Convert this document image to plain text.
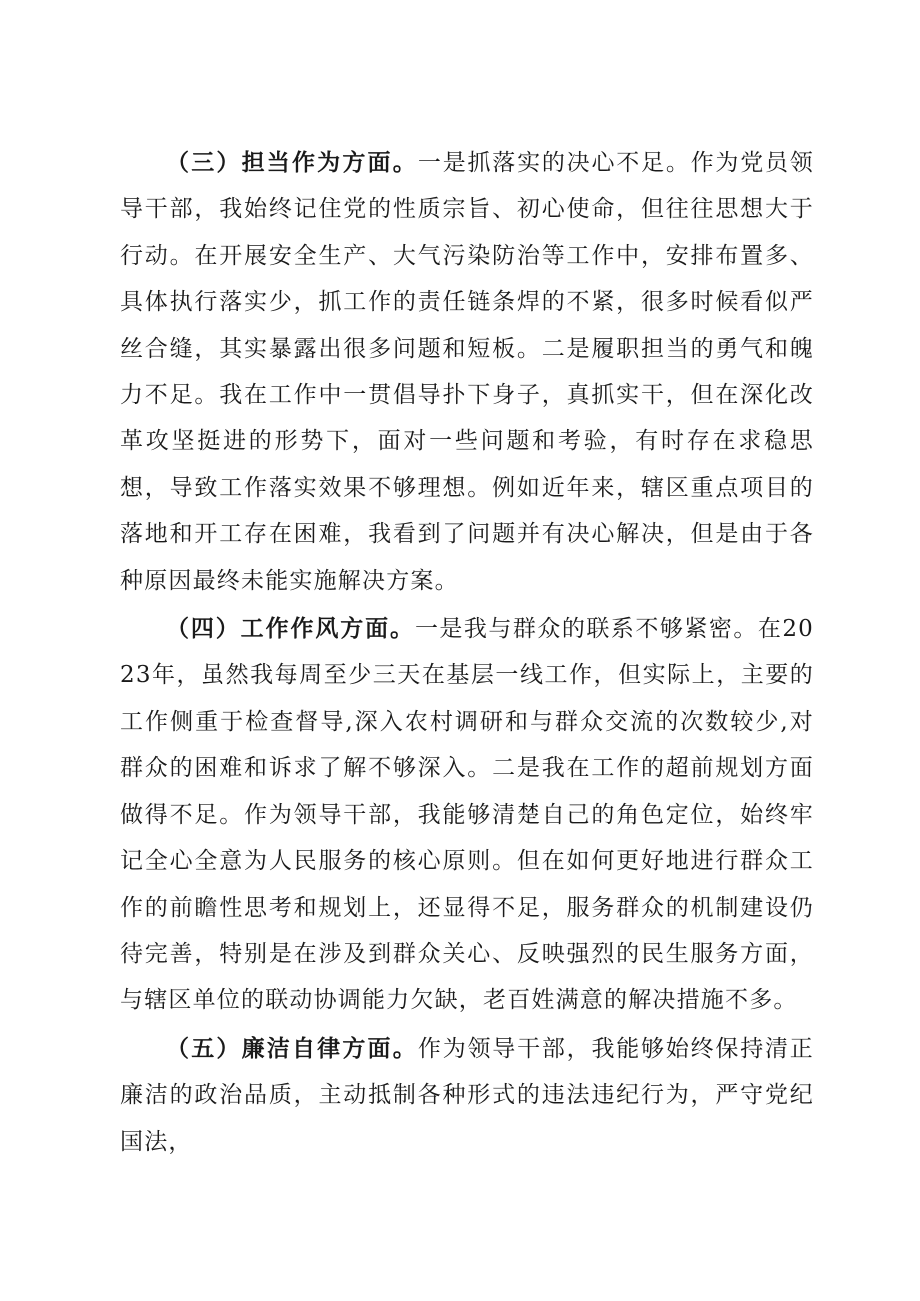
（三）担当作为方面。一是抓落实的决心不足。作为党员领导干部，我始终记住党的性质宗旨、初心使命，但往往思想大于行动。在开展安全生产、大气污染防治等工作中，安排布置多、具体执行落实少，抓工作的责任链条焊的不紧，很多时候看似严丝合缝，其实暴露出很多问题和短板。二是履职担当的勇气和魄力不足。我在工作中一贯倡导扑下身子，真抓实干，但在深化改革攻坚挺进的形势下，面对一些问题和考验，有时存在求稳思想，导致工作落实效果不够理想。例如近年来，辖区重点项目的落地和开工存在困难，我看到了问题并有决心解决，但是由于各种原因最终未能实施解决方案。

（四）工作作风方面。一是我与群众的联系不够紧密。在2023年，虽然我每周至少三天在基层一线工作，但实际上，主要的工作侧重于检查督导,深入农村调研和与群众交流的次数较少,对群众的困难和诉求了解不够深入。二是我在工作的超前规划方面做得不足。作为领导干部，我能够清楚自己的角色定位，始终牢记全心全意为人民服务的核心原则。但在如何更好地进行群众工作的前瞻性思考和规划上，还显得不足，服务群众的机制建设仍待完善，特别是在涉及到群众关心、反映强烈的民生服务方面，与辖区单位的联动协调能力欠缺，老百姓满意的解决措施不多。

（五）廉洁自律方面。作为领导干部，我能够始终保持清正廉洁的政治品质，主动抵制各种形式的违法违纪行为，严守党纪国法，
